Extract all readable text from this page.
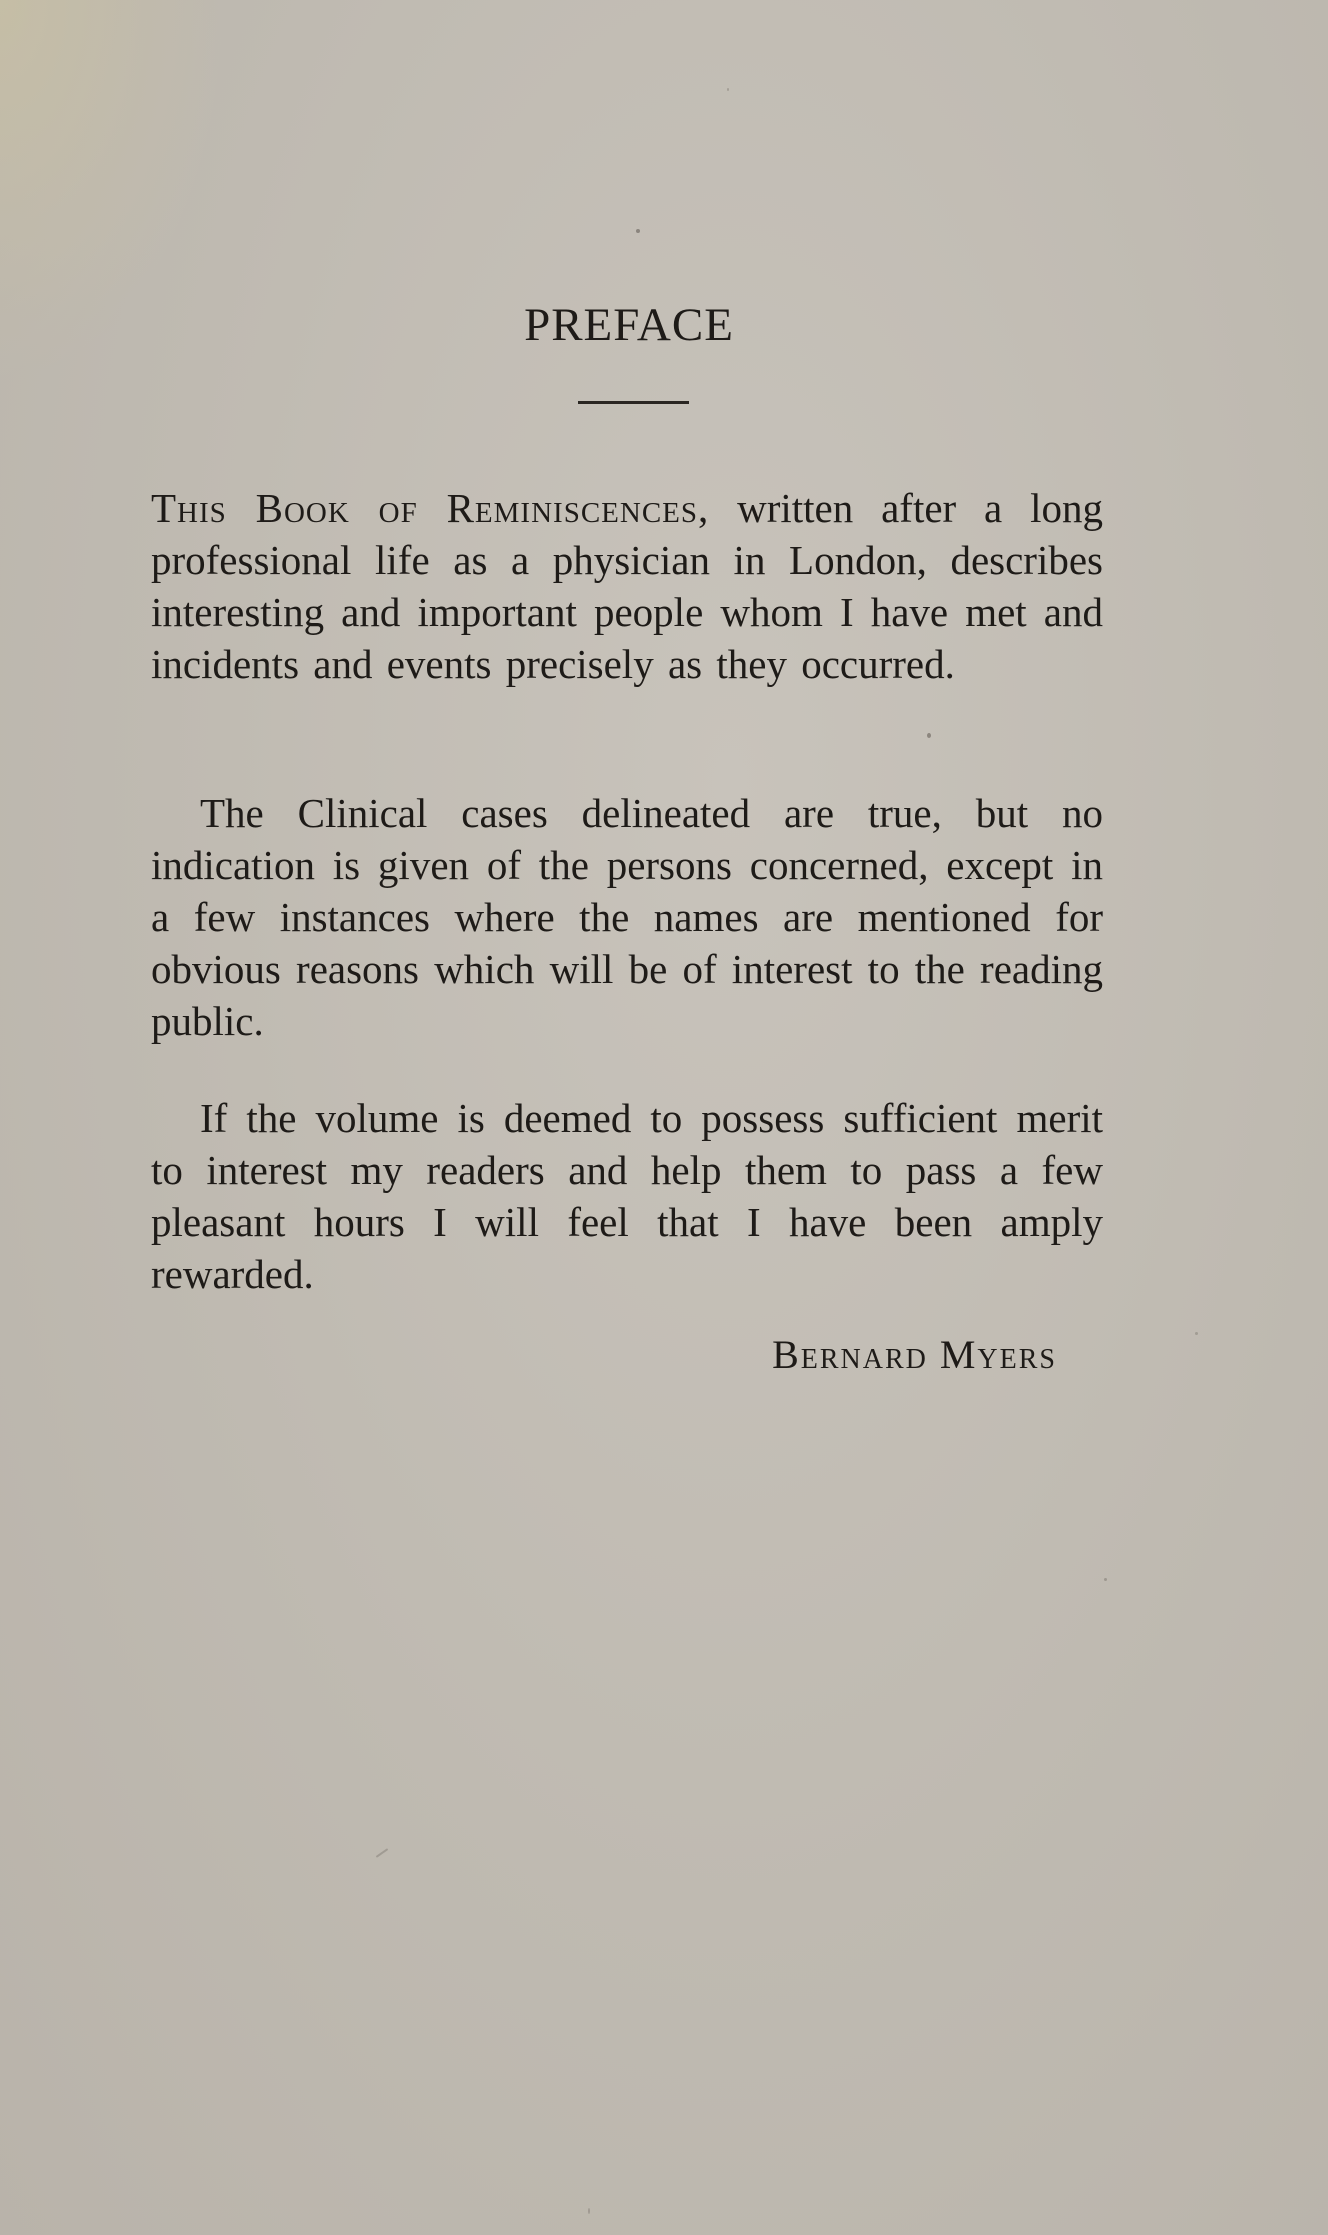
PREFACE

This Book of Reminiscences, written after a long professional life as a physician in London, describes interesting and important people whom I have met and incidents and events precisely as they occurred.

The Clinical cases delineated are true, but no indication is given of the persons concerned, except in a few instances where the names are mentioned for obvious reasons which will be of interest to the reading public.

If the volume is deemed to possess sufficient merit to interest my readers and help them to pass a few pleasant hours I will feel that I have been amply rewarded.

Bernard Myers
